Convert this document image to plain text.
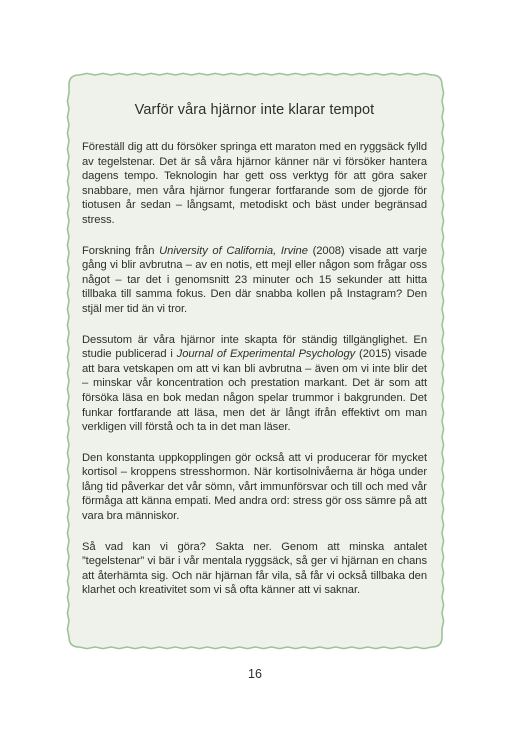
Varför våra hjärnor inte klarar tempot

Föreställ dig att du försöker springa ett maraton med en ryggsäck fylld av tegelstenar. Det är så våra hjärnor känner när vi försöker hantera dagens tempo. Teknologin har gett oss verktyg för att göra saker snabbare, men våra hjärnor fungerar fortfarande som de gjorde för tiotusen år sedan – långsamt, metodiskt och bäst under begränsad stress.

Forskning från University of California, Irvine (2008) visade att varje gång vi blir avbrutna – av en notis, ett mejl eller någon som frågar oss något – tar det i genomsnitt 23 minuter och 15 sekunder att hitta tillbaka till samma fokus. Den där snabba kollen på Instagram? Den stjäl mer tid än vi tror.

Dessutom är våra hjärnor inte skapta för ständig tillgänglighet. En studie publicerad i Journal of Experimental Psychology (2015) visade att bara vetskapen om att vi kan bli avbrutna – även om vi inte blir det – minskar vår koncentration och prestation markant. Det är som att försöka läsa en bok medan någon spelar trummor i bakgrunden. Det funkar fortfarande att läsa, men det är långt ifrån effektivt om man verkligen vill förstå och ta in det man läser.

Den konstanta uppkopplingen gör också att vi producerar för mycket kortisol – kroppens stresshormon. När kortisolnivåerna är höga under lång tid påverkar det vår sömn, vårt immunförsvar och till och med vår förmåga att känna empati. Med andra ord: stress gör oss sämre på att vara bra människor.

Så vad kan vi göra? Sakta ner. Genom att minska antalet ”tegelstenar” vi bär i vår mentala ryggsäck, så ger vi hjärnan en chans att återhämta sig. Och när hjärnan får vila, så får vi också tillbaka den klarhet och kreativitet som vi så ofta känner att vi saknar.

16
